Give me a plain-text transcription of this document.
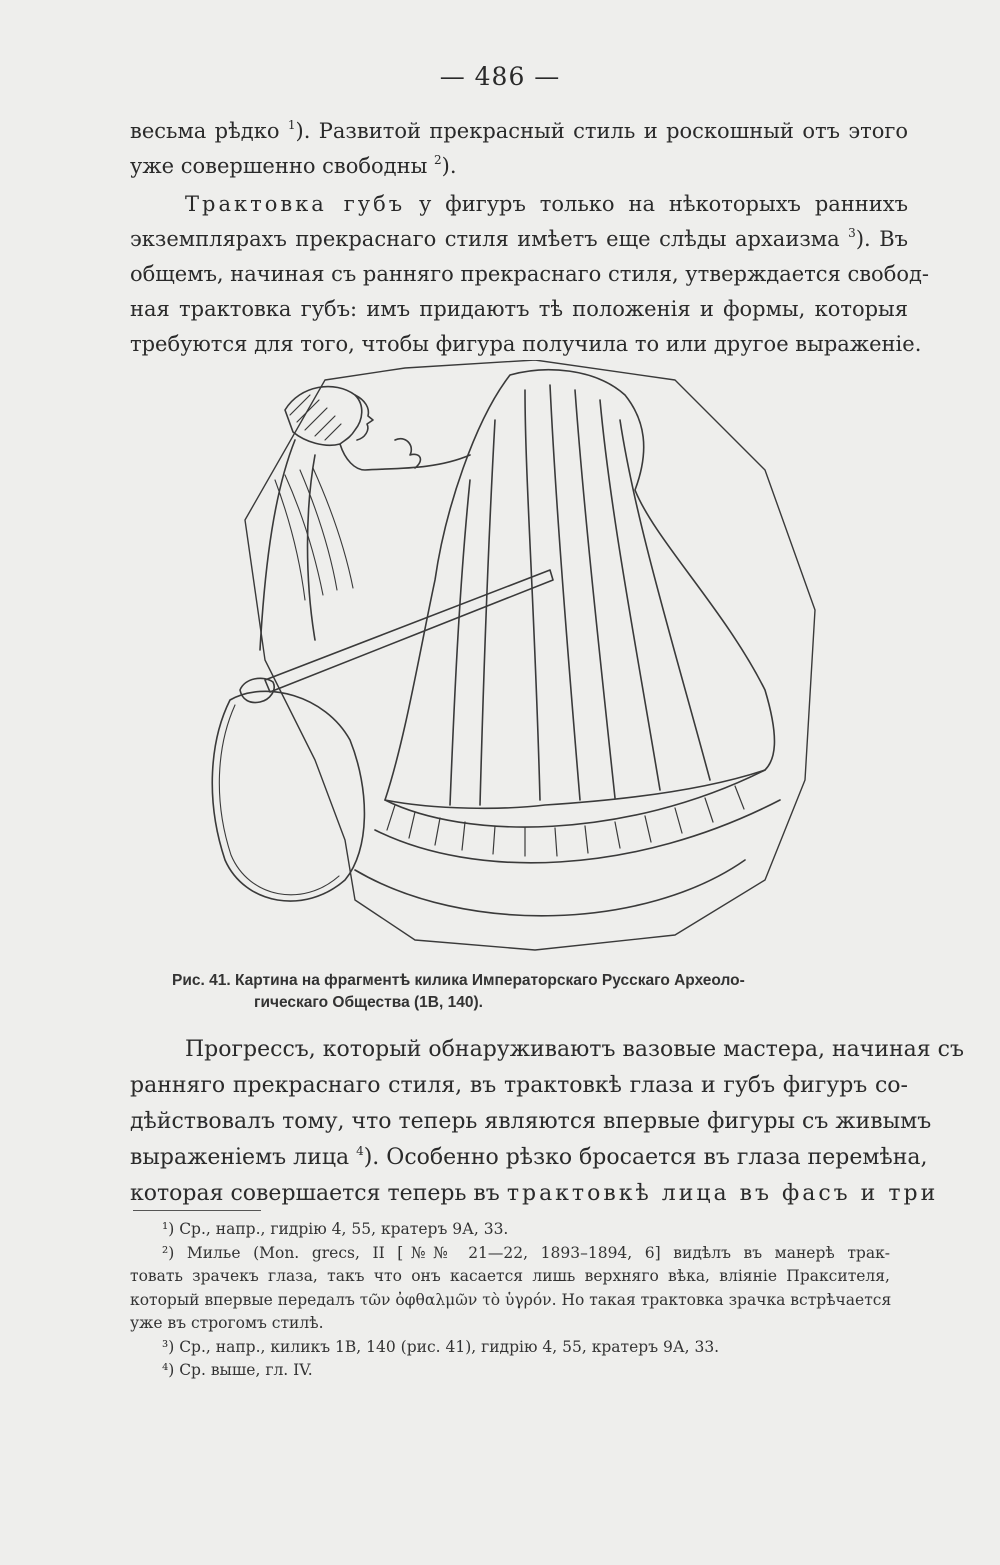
— 486 —
весьма рѣдко $^1$). Развитой прекрасный стиль и роскошный отъ этого
уже совершенно свободны $^2$).
Трактовка губъ у фигуръ только на нѣкоторыхъ раннихъ
экземплярахъ прекраснаго стиля имѣетъ еще слѣды архаизма $^3$). Въ
общемъ, начиная съ ранняго прекраснаго стиля, утверждается свобод-
ная трактовка губъ: имъ придаютъ тѣ положенія и формы, которыя
требуются для того, чтобы фигура получила то или другое выраженіе.
Рис. 41. Картина на фрагментѣ килика Императорскаго Русскаго Археоло-
гическаго Общества (1В, 140).
Прогрессъ, который обнаруживаютъ вазовые мастера, начиная съ
ранняго прекраснаго стиля, въ трактовкѣ глаза и губъ фигуръ со-
дѣйствовалъ тому, что теперь являются впервые фигуры съ живымъ
выраженіемъ лица $^4$). Особенно рѣзко бросается въ глаза перемѣна,
которая совершается теперь въ трактовкѣ лица въ фасъ и три
¹) Ср., напр., гидрію 4, 55, кратеръ 9А, 33.
²) Милье (Mon. grecs, II [№№ 21—22, 1893–1894, 6] видѣлъ въ манерѣ трак-
товать зрачекъ глаза, такъ что онъ касается лишь верхняго вѣка, вліяніе Праксителя,
который впервые передалъ τῶν ὀφθαλμῶν τὸ ὑγρόν. Но такая трактовка зрачка встрѣчается
уже въ строгомъ стилѣ.
³) Ср., напр., киликъ 1В, 140 (рис. 41), гидрію 4, 55, кратеръ 9А, 33.
⁴) Ср. выше, гл. IV.
